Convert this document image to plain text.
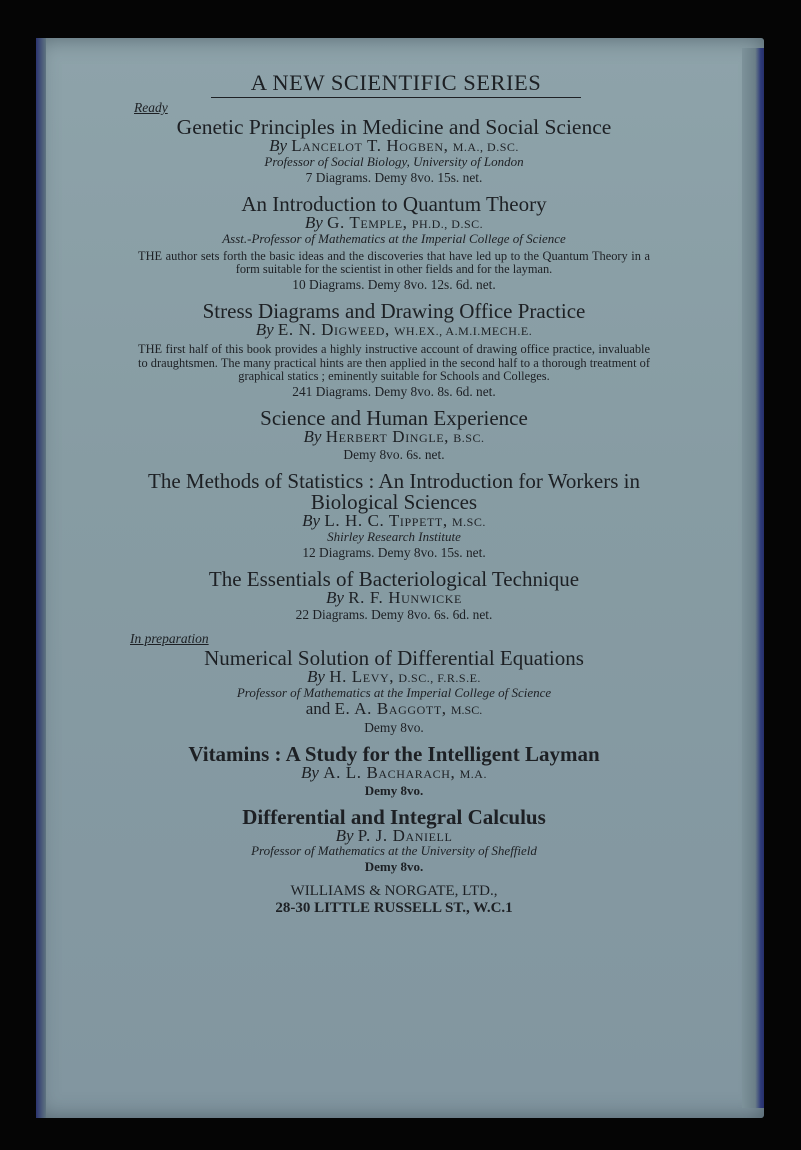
A NEW SCIENTIFIC SERIES
Ready

Genetic Principles in Medicine and Social Science

By Lancelot T. Hogben, M.A., D.SC.

Professor of Social Biology, University of London

7 Diagrams. Demy 8vo. 15s. net.

An Introduction to Quantum Theory

By G. Temple, PH.D., D.SC.

Asst.-Professor of Mathematics at the Imperial College of Science

THE author sets forth the basic ideas and the discoveries that have led up to the Quantum Theory in a form suitable for the scientist in other fields and for the layman.

10 Diagrams. Demy 8vo. 12s. 6d. net.

Stress Diagrams and Drawing Office Practice

By E. N. Digweed, WH.EX., A.M.I.MECH.E.

THE first half of this book provides a highly instructive account of drawing office practice, invaluable to draughtsmen. The many practical hints are then applied in the second half to a thorough treatment of graphical statics ; eminently suitable for Schools and Colleges.

241 Diagrams. Demy 8vo. 8s. 6d. net.

Science and Human Experience

By Herbert Dingle, B.SC.

Demy 8vo. 6s. net.

The Methods of Statistics : An Introduction for Workers in Biological Sciences

By L. H. C. Tippett, M.SC.

Shirley Research Institute

12 Diagrams. Demy 8vo. 15s. net.

The Essentials of Bacteriological Technique

By R. F. Hunwicke

22 Diagrams. Demy 8vo. 6s. 6d. net.

In preparation

Numerical Solution of Differential Equations

By H. Levy, D.SC., F.R.S.E.

Professor of Mathematics at the Imperial College of Science

and E. A. Baggott, M.SC.

Demy 8vo.

Vitamins : A Study for the Intelligent Layman

By A. L. Bacharach, M.A.

Demy 8vo.

Differential and Integral Calculus

By P. J. Daniell

Professor of Mathematics at the University of Sheffield

Demy 8vo.

WILLIAMS & NORGATE, LTD.,
28-30 LITTLE RUSSELL ST., W.C.1
